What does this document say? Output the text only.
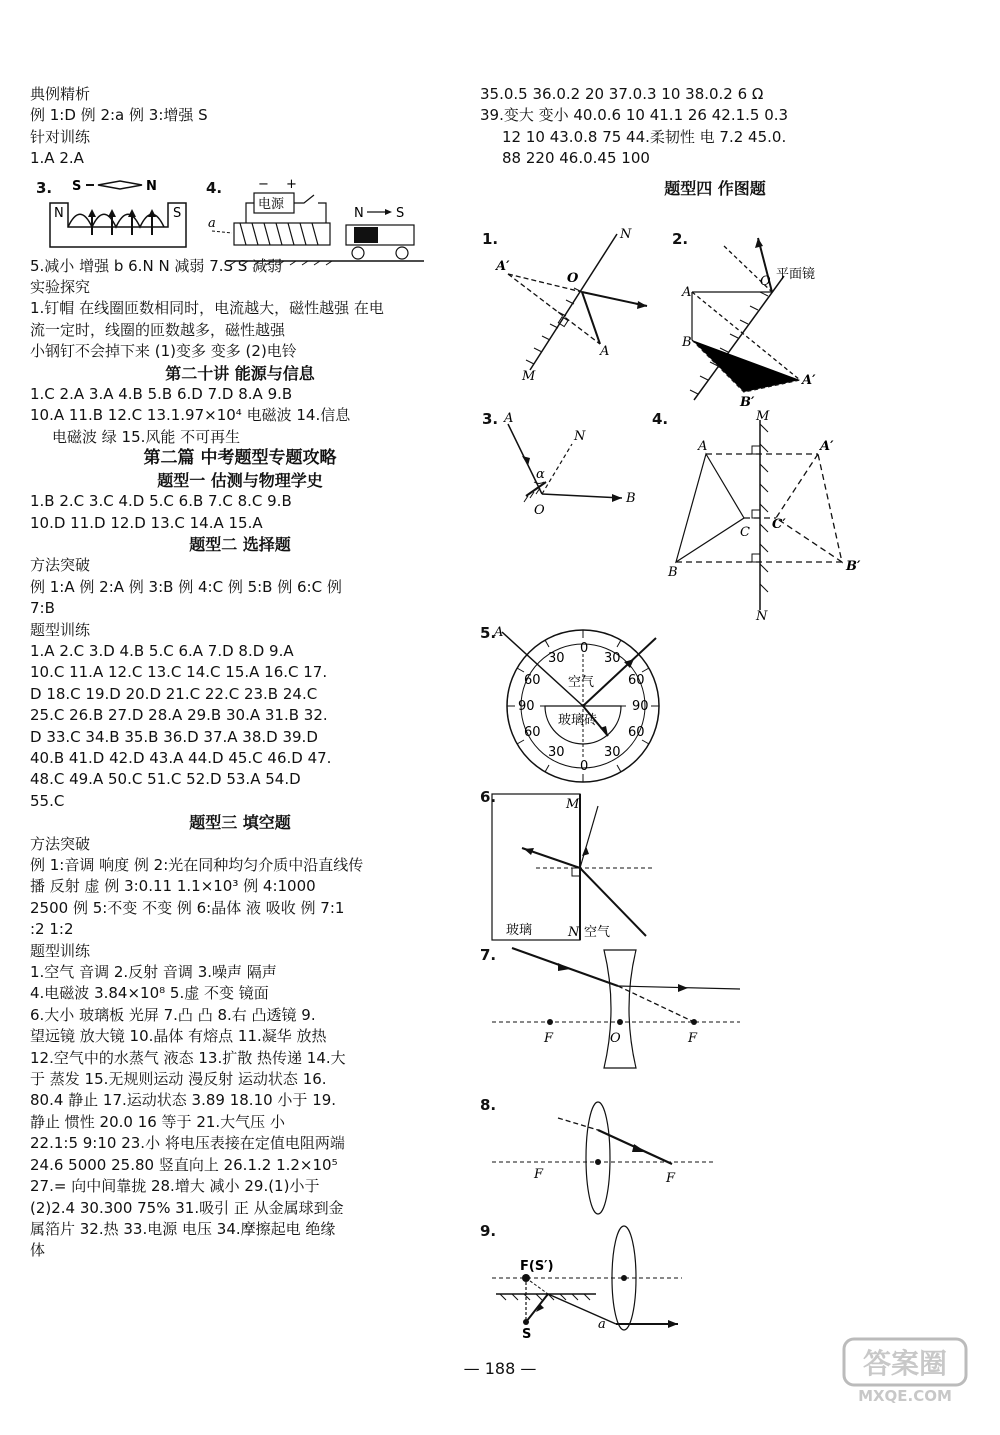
典例精析
例 1:D 例 2:a 例 3:增强 S
针对训练
1.A 2.A
5.减小 增强 b 6.N N 减弱 7.S S 减弱
实验探究
1.钉帽 在线圈匝数相同时，电流越大，磁性越强 在电
流一定时，线圈的匝数越多，磁性越强
小钢钉不会掉下来 (1)变多 变多 (2)电铃
第二十讲 能源与信息
1.C 2.A 3.A 4.B 5.B 6.D 7.D 8.A 9.B
10.A 11.B 12.C 13.1.97×10⁴ 电磁波 14.信息
电磁波 绿 15.风能 不可再生
第二篇 中考题型专题攻略
题型一 估测与物理学史
1.B 2.C 3.C 4.D 5.C 6.B 7.C 8.C 9.B
10.D 11.D 12.D 13.C 14.A 15.A
题型二 选择题
方法突破
例 1:A 例 2:A 例 3:B 例 4:C 例 5:B 例 6:C 例
7:B
题型训练
1.A 2.C 3.D 4.B 5.C 6.A 7.D 8.D 9.A
10.C 11.A 12.C 13.C 14.C 15.A 16.C 17.
D 18.C 19.D 20.D 21.C 22.C 23.B 24.C
25.C 26.B 27.D 28.A 29.B 30.A 31.B 32.
D 33.C 34.B 35.B 36.D 37.A 38.D 39.D
40.B 41.D 42.D 43.A 44.D 45.C 46.D 47.
48.C 49.A 50.C 51.C 52.D 53.A 54.D
55.C
题型三 填空题
方法突破
例 1:音调 响度 例 2:光在同种均匀介质中沿直线传
播 反射 虚 例 3:0.11 1.1×10³ 例 4:1000
2500 例 5:不变 不变 例 6:晶体 液 吸收 例 7:1
:2 1:2
题型训练
1.空气 音调 2.反射 音调 3.噪声 隔声
4.电磁波 3.84×10⁸ 5.虚 不变 镜面
6.大小 玻璃板 光屏 7.凸 凸 8.右 凸透镜 9.
望远镜 放大镜 10.晶体 有熔点 11.凝华 放热
12.空气中的水蒸气 液态 13.扩散 热传递 14.大
于 蒸发 15.无规则运动 漫反射 运动状态 16.
80.4 静止 17.运动状态 3.89 18.10 小于 19.
静止 惯性 20.0 16 等于 21.大气压 小
22.1:5 9:10 23.小 将电压表接在定值电阻两端
24.6 5000 25.80 竖直向上 26.1.2 1.2×10⁵
27.= 向中间靠拢 28.增大 减小 29.(1)小于
(2)2.4 30.300 75% 31.吸引 正 从金属球到金
属箔片 32.热 33.电源 电压 34.摩擦起电 绝缘
体
35.0.5 36.0.2 20 37.0.3 10 38.0.2 6 Ω
39.变大 变小 40.0.6 10 41.1 26 42.1.5 0.3
12 10 43.0.8 75 44.柔韧性 电 7.2 45.0.
88 220 46.0.45 100
题型四 作图题
3. S	N
N	S
4.	− +
电源
a
N S
1.
A′
O
A
N
M
2.
平面镜
O
A
B
A′
B′
3. A
N
α
O
B
4.
A	A′
C
C′
B	B′
M
N
5.
A
0
30	30
60	60
90	90
60	60
30	30
0
空气
玻璃砖
6.	M
N
玻璃	空气
7.
F	O	F
8.
F	F
9.
F(S′)
S
a
— 188 —	答案圈
MXQE.COM
